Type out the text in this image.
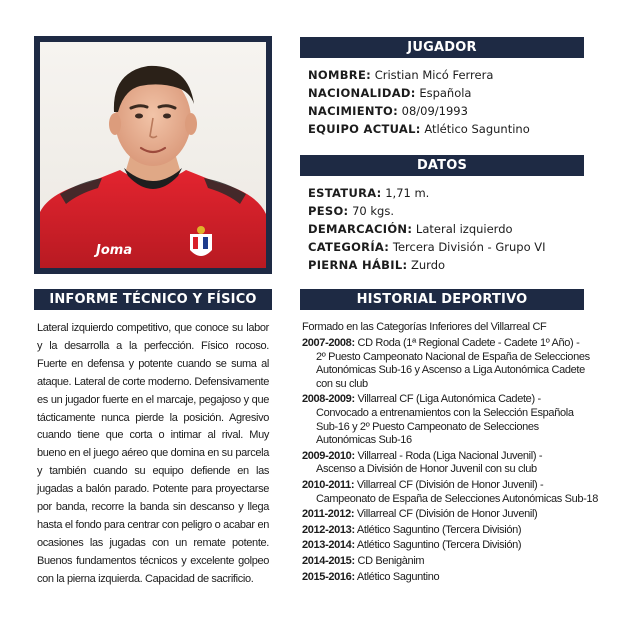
Joma
JUGADOR
NOMBRE: Cristian Micó Ferrera
NACIONALIDAD: Española
NACIMIENTO: 08/09/1993
EQUIPO ACTUAL: Atlético Saguntino
DATOS
ESTATURA: 1,71 m.
PESO: 70 kgs.
DEMARCACIÓN: Lateral izquierdo
CATEGORÍA: Tercera División - Grupo VI
PIERNA HÁBIL: Zurdo
INFORME TÉCNICO Y FÍSICO
Lateral izquierdo competitivo, que conoce su labor y la desarrolla a la perfección. Físico rocoso. Fuerte en defensa y potente cuando se suma al ataque. Lateral de corte moderno. Defensivamente es un jugador fuerte en el marcaje, pegajoso y que tácticamente nunca pierde la posición. Agresivo cuando tiene que corta o intimar al rival. Muy bueno en el juego aéreo que domina en su parcela y también cuando su equipo defiende en las jugadas a balón parado. Potente para proyectarse por banda, recorre la banda sin descanso y llega hasta el fondo para centrar con peligro o acabar en ocasiones las jugadas con un remate potente. Buenos fundamentos técnicos y excelente golpeo con la pierna izquierda. Capacidad de sacrificio.
HISTORIAL DEPORTIVO
Formado en las Categorías Inferiores del Villarreal CF
2007-2008: CD Roda (1ª Regional Cadete - Cadete 1º Año) -
2º Puesto Campeonato Nacional de España de Selecciones
Autonómicas Sub-16 y Ascenso a Liga Autonómica Cadete
con su club
2008-2009: Villarreal CF (Liga Autonómica Cadete) -
Convocado a entrenamientos con la Selección Española
Sub-16 y 2º Puesto Campeonato de Selecciones
Autonómicas Sub-16
2009-2010: Villarreal - Roda (Liga Nacional Juvenil) -
Ascenso a División de Honor Juvenil con su club
2010-2011: Villarreal CF (División de Honor Juvenil) -
Campeonato de España de Selecciones Autonómicas Sub-18
2011-2012: Villarreal CF (División de Honor Juvenil)
2012-2013: Atlético Saguntino (Tercera División)
2013-2014: Atlético Saguntino (Tercera División)
2014-2015: CD Benigànim
2015-2016: Atlético Saguntino
